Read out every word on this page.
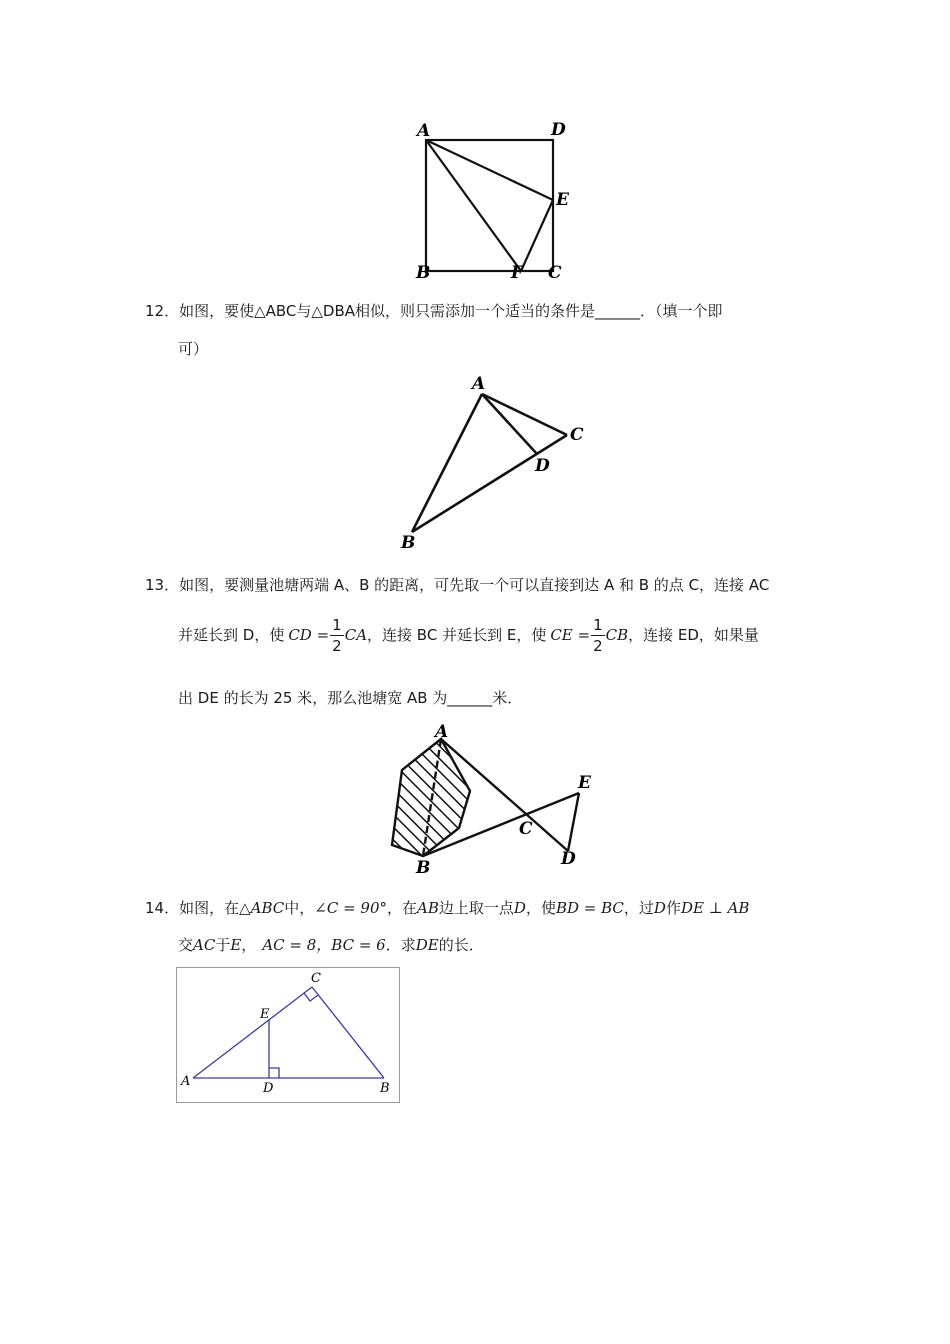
A	D
E
B	F C
12．如图，要使△ABC与△DBA相似，则只需添加一个适当的条件是______．（填一个即
可）
A
C
D
B
13．如图，要测量池塘两端 A、B 的距离，可先取一个可以直接到达 A 和 B 的点 C，连接 AC
并延长到 D，使 CD = $\frac{1}{2}$ CA，连接 BC 并延长到 E，使 CE = $\frac{1}{2}$ CB，连接 ED，如果量
出 DE 的长为 25 米，那么池塘宽 AB 为______米．
A
E
C
B	D
14．如图，在△ABC中，∠C = 90°，在AB边上取一点D，使BD = BC，过D作DE ⊥ AB
交AC于E， AC = 8，BC = 6．求DE的长．
C
E
A	D	B
